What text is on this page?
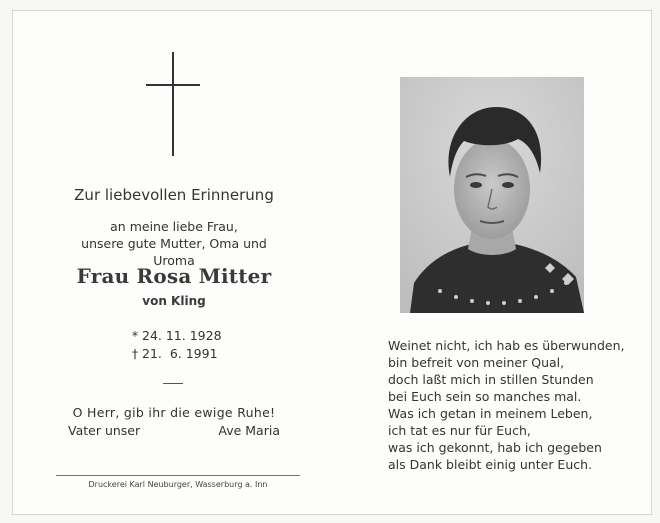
Zur liebevollen Erinnerung
an meine liebe Frau,
unsere gute Mutter, Oma und Uroma
Frau Rosa Mitter
von Kling
* 24. 11. 1928
† 21.  6. 1991
O Herr, gib ihr die ewige Ruhe!
Vater unser	Ave Maria
Druckerei Karl Neuburger, Wasserburg a. Inn
Weinet nicht, ich hab es überwunden,
bin befreit von meiner Qual,
doch laßt mich in stillen Stunden
bei Euch sein so manches mal.
Was ich getan in meinem Leben,
ich tat es nur für Euch,
was ich gekonnt, hab ich gegeben
als Dank bleibt einig unter Euch.
